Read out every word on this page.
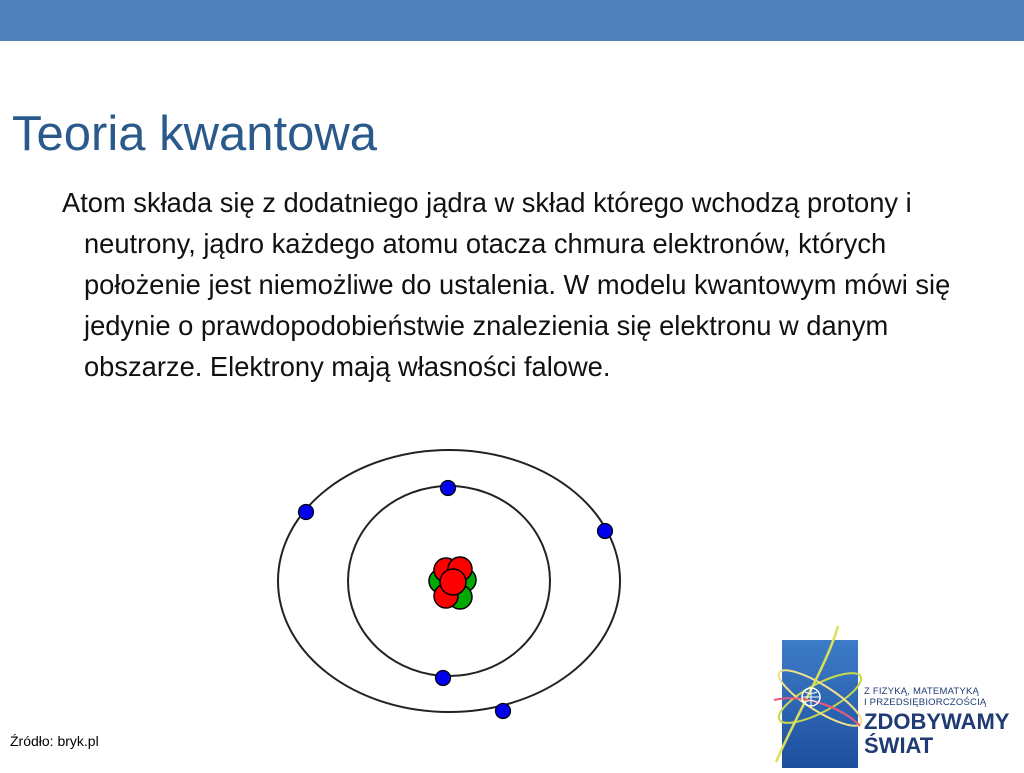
Teoria kwantowa

Atom składa się z dodatniego jądra w skład którego wchodzą protony i neutrony, jądro każdego atomu otacza chmura elektronów, których położenie jest niemożliwe do ustalenia. W modelu kwantowym mówi się jedynie o prawdopodobieństwie znalezienia się elektronu w danym obszarze. Elektrony mają własności falowe.

Źródło: bryk.pl
Z FIZYKĄ, MATEMATYKĄ
I PRZEDSIĘBIORCZOŚCIĄ
ZDOBYWAMY
ŚWIAT
